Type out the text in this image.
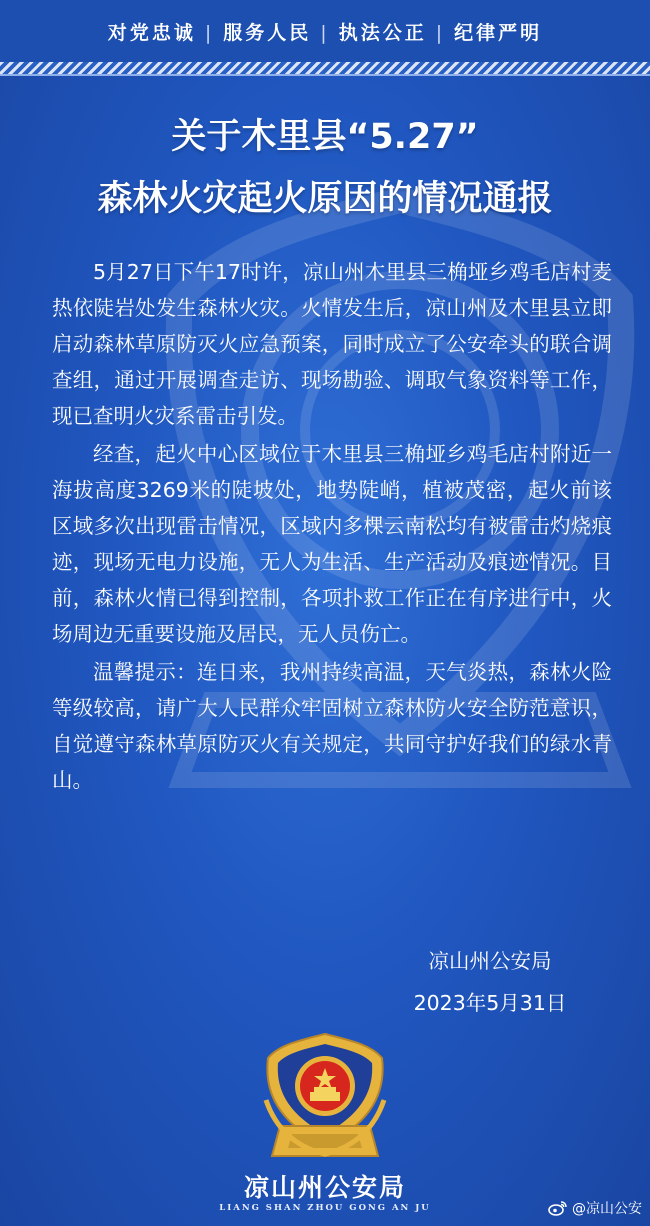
对党忠诚 | 服务人民 | 执法公正 | 纪律严明
关于木里县“5.27”
森林火灾起火原因的情况通报

5月27日下午17时许，凉山州木里县三桷垭乡鸡毛店村麦热依陡岩处发生森林火灾。火情发生后，凉山州及木里县立即启动森林草原防灭火应急预案，同时成立了公安牵头的联合调查组，通过开展调查走访、现场勘验、调取气象资料等工作，现已查明火灾系雷击引发。

经查，起火中心区域位于木里县三桷垭乡鸡毛店村附近一海拔高度3269米的陡坡处，地势陡峭，植被茂密，起火前该区域多次出现雷击情况，区域内多棵云南松均有被雷击灼烧痕迹，现场无电力设施，无人为生活、生产活动及痕迹情况。目前，森林火情已得到控制，各项扑救工作正在有序进行中，火场周边无重要设施及居民，无人员伤亡。

温馨提示：连日来，我州持续高温，天气炎热，森林火险等级较高，请广大人民群众牢固树立森林防火安全防范意识，自觉遵守森林草原防灭火有关规定，共同守护好我们的绿水青山。

凉山州公安局
2023年5月31日
凉山州公安局
LIANG SHAN ZHOU GONG AN JU	@凉山公安
